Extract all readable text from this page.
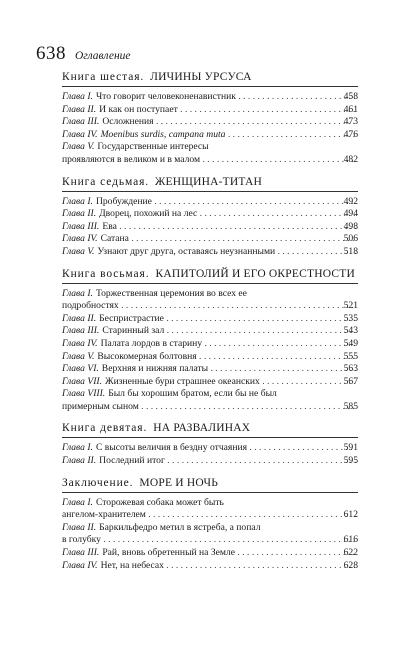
638 Оглавление
Книга шестая. ЛИЧИНЫ УРСУСА
Глава I. Что говорит человеконенавистник . . .	458
Глава II. И как он поступает . . .	461
Глава III. Осложнения . . .	473
Глава IV. Moenibus surdis, campana muta . . .	476
Глава V. Государственные интересы
проявляются в великом и в малом . . .	482
Книга седьмая. ЖЕНЩИНА-ТИТАН
Глава I. Пробуждение . . .	492
Глава II. Дворец, похожий на лес . . .	494
Глава III. Ева . . .	498
Глава IV. Сатана . . .	506
Глава V. Узнают друг друга, оставаясь неузнанными . . .	518
Книга восьмая. КАПИТОЛИЙ И ЕГО ОКРЕСТНОСТИ
Глава I. Торжественная церемония во всех ее
подробностях . . .	521
Глава II. Беспристрастие . . .	535
Глава III. Старинный зал . . .	543
Глава IV. Палата лордов в старину . . .	549
Глава V. Высокомерная болтовня . . .	555
Глава VI. Верхняя и нижняя палаты . . .	563
Глава VII. Жизненные бури страшнее океанских . . .	567
Глава VIII. Был бы хорошим братом, если бы не был
примерным сыном . . .	585
Книга девятая. НА РАЗВАЛИНАХ
Глава I. С высоты величия в бездну отчаяния . . .	591
Глава II. Последний итог . . .	595
Заключение. МОРЕ И НОЧЬ
Глава I. Сторожевая собака может быть
ангелом-хранителем . . .	612
Глава II. Баркильфедро метил в ястреба, а попал
в голубку . . .	616
Глава III. Рай, вновь обретенный на Земле . . .	622
Глава IV. Нет, на небесах . . .	628
